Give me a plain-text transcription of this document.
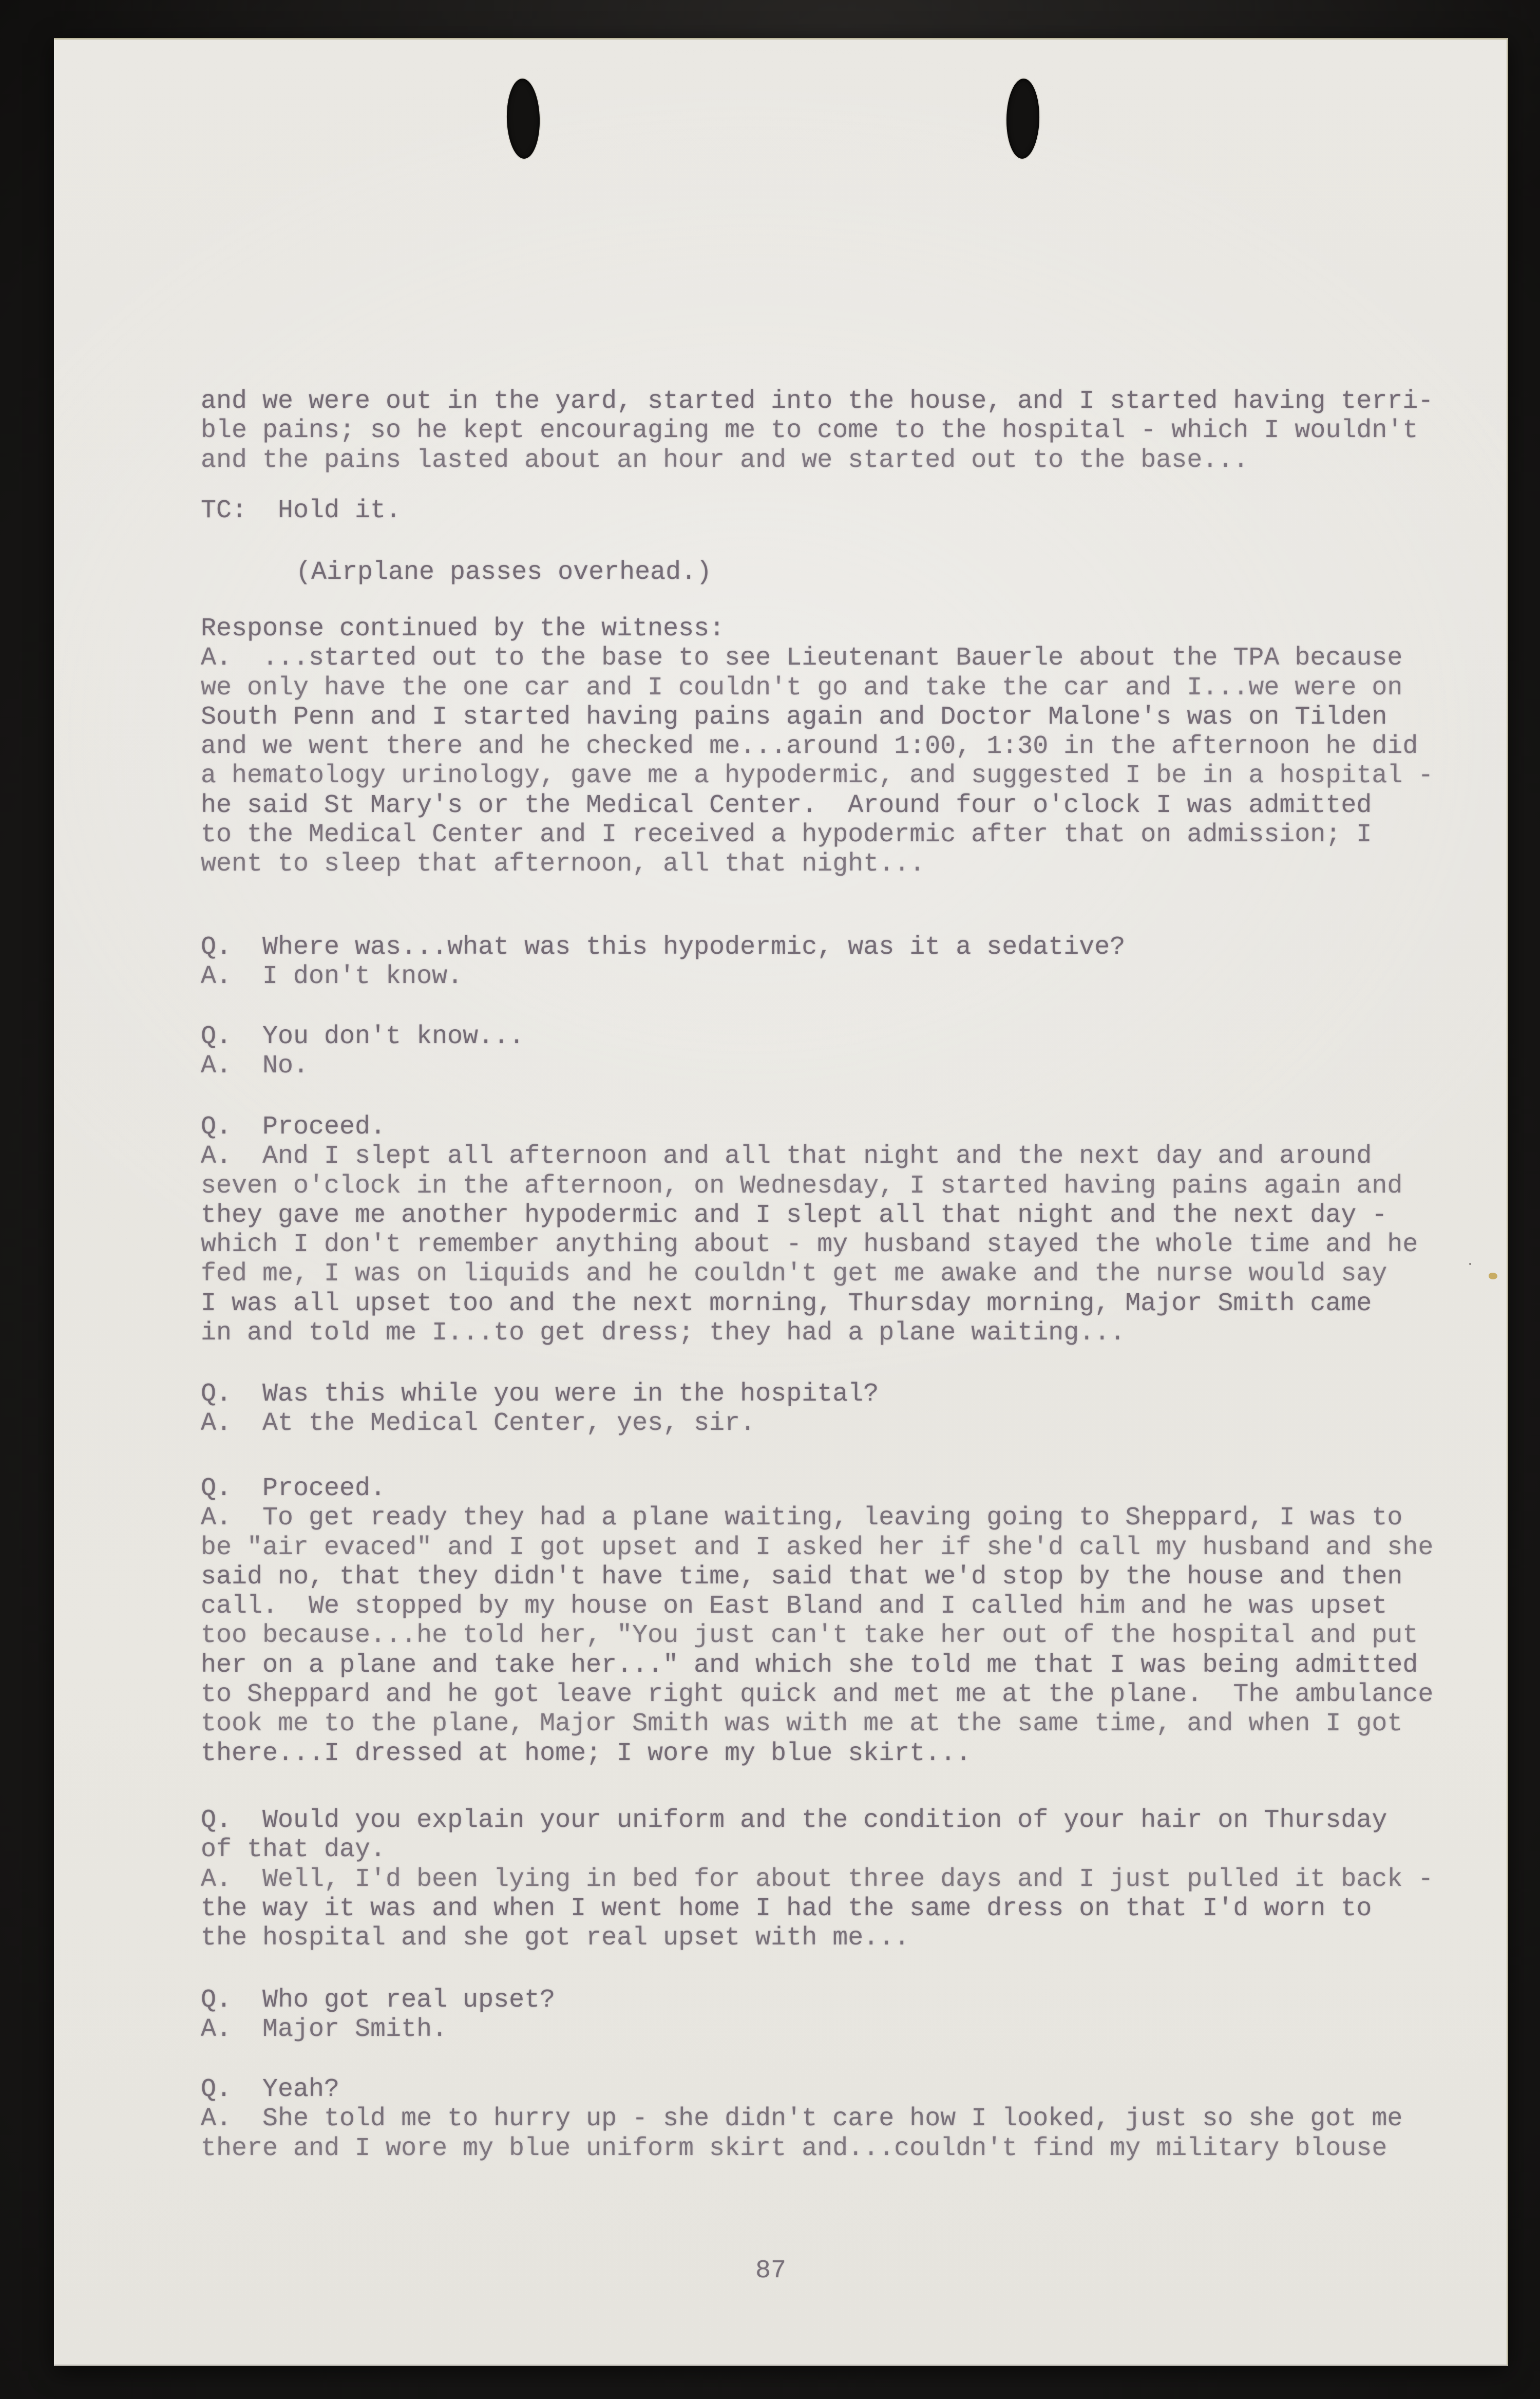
and we were out in the yard, started into the house, and I started having terri-
ble pains; so he kept encouraging me to come to the hospital - which I wouldn't
and the pains lasted about an hour and we started out to the base...
TC:  Hold it.
(Airplane passes overhead.)
Response continued by the witness:
A.  ...started out to the base to see Lieutenant Bauerle about the TPA because
we only have the one car and I couldn't go and take the car and I...we were on
South Penn and I started having pains again and Doctor Malone's was on Tilden
and we went there and he checked me...around 1:00, 1:30 in the afternoon he did
a hematology urinology, gave me a hypodermic, and suggested I be in a hospital -
he said St Mary's or the Medical Center.  Around four o'clock I was admitted
to the Medical Center and I received a hypodermic after that on admission; I
went to sleep that afternoon, all that night...
Q.  Where was...what was this hypodermic, was it a sedative?
A.  I don't know.
Q.  You don't know...
A.  No.
Q.  Proceed.
A.  And I slept all afternoon and all that night and the next day and around
seven o'clock in the afternoon, on Wednesday, I started having pains again and
they gave me another hypodermic and I slept all that night and the next day -
which I don't remember anything about - my husband stayed the whole time and he
fed me, I was on liquids and he couldn't get me awake and the nurse would say
I was all upset too and the next morning, Thursday morning, Major Smith came
in and told me I...to get dress; they had a plane waiting...
Q.  Was this while you were in the hospital?
A.  At the Medical Center, yes, sir.
Q.  Proceed.
A.  To get ready they had a plane waiting, leaving going to Sheppard, I was to
be "air evaced" and I got upset and I asked her if she'd call my husband and she
said no, that they didn't have time, said that we'd stop by the house and then
call.  We stopped by my house on East Bland and I called him and he was upset
too because...he told her, "You just can't take her out of the hospital and put
her on a plane and take her..." and which she told me that I was being admitted
to Sheppard and he got leave right quick and met me at the plane.  The ambulance
took me to the plane, Major Smith was with me at the same time, and when I got
there...I dressed at home; I wore my blue skirt...
Q.  Would you explain your uniform and the condition of your hair on Thursday
of that day.
A.  Well, I'd been lying in bed for about three days and I just pulled it back -
the way it was and when I went home I had the same dress on that I'd worn to
the hospital and she got real upset with me...
Q.  Who got real upset?
A.  Major Smith.
Q.  Yeah?
A.  She told me to hurry up - she didn't care how I looked, just so she got me
there and I wore my blue uniform skirt and...couldn't find my military blouse
87
